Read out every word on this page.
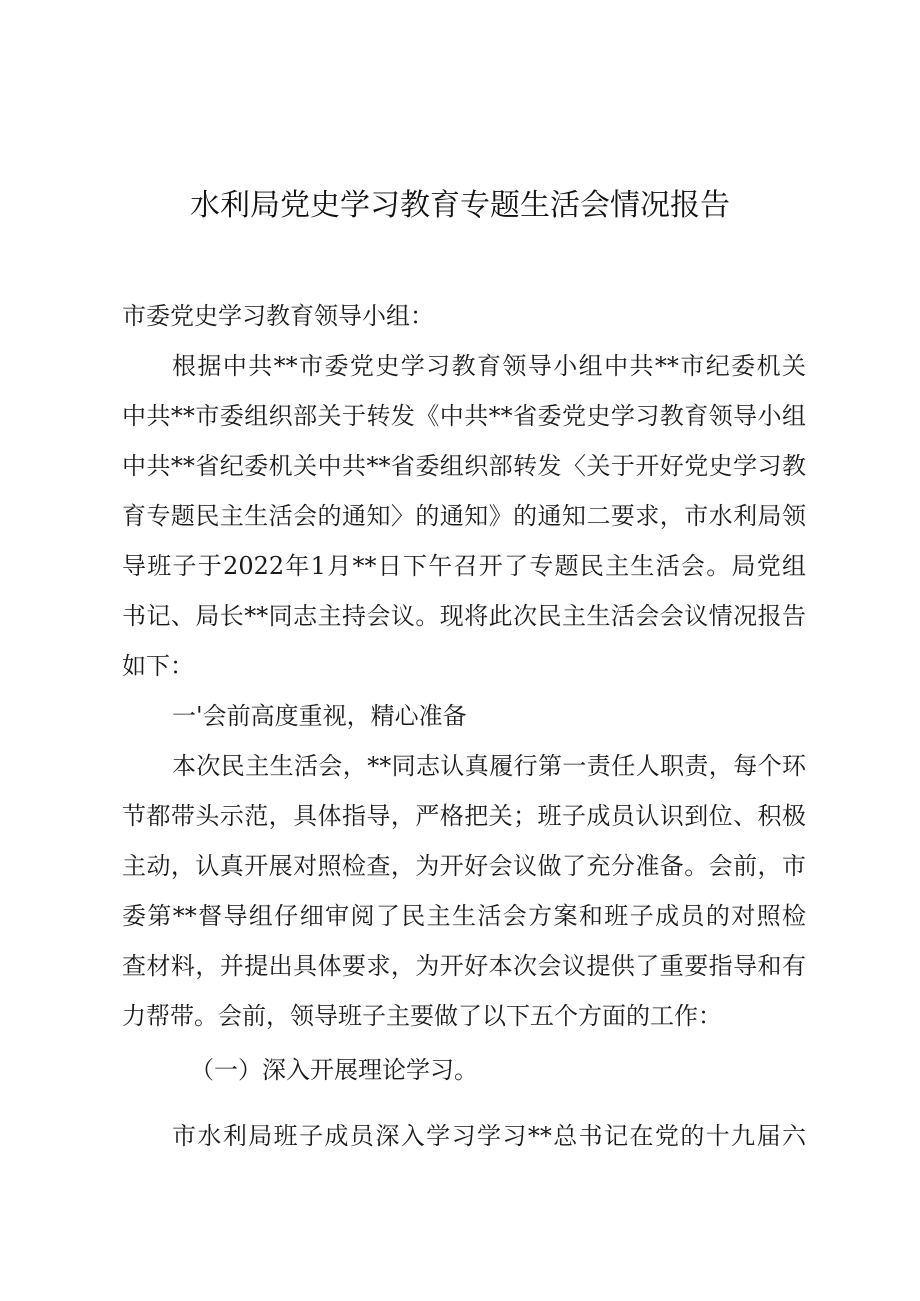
水利局党史学习教育专题生活会情况报告

市委党史学习教育领导小组：

根据中共**市委党史学习教育领导小组中共**市纪委机关

中共**市委组织部关于转发《中共**省委党史学习教育领导小组

中共**省纪委机关中共**省委组织部转发〈关于开好党史学习教

育专题民主生活会的通知〉的通知》的通知二要求，市水利局领

导班子于2022年1月**日下午召开了专题民主生活会。局党组

书记、局长**同志主持会议。现将此次民主生活会会议情况报告

如下：

一'会前高度重视，精心准备

本次民主生活会，**同志认真履行第一责任人职责，每个环

节都带头示范，具体指导，严格把关；班子成员认识到位、积极

主动，认真开展对照检查，为开好会议做了充分准备。会前，市

委第**督导组仔细审阅了民主生活会方案和班子成员的对照检

查材料，并提出具体要求，为开好本次会议提供了重要指导和有

力帮带。会前，领导班子主要做了以下五个方面的工作：

（一）深入开展理论学习。

市水利局班子成员深入学习学习**总书记在党的十九届六
